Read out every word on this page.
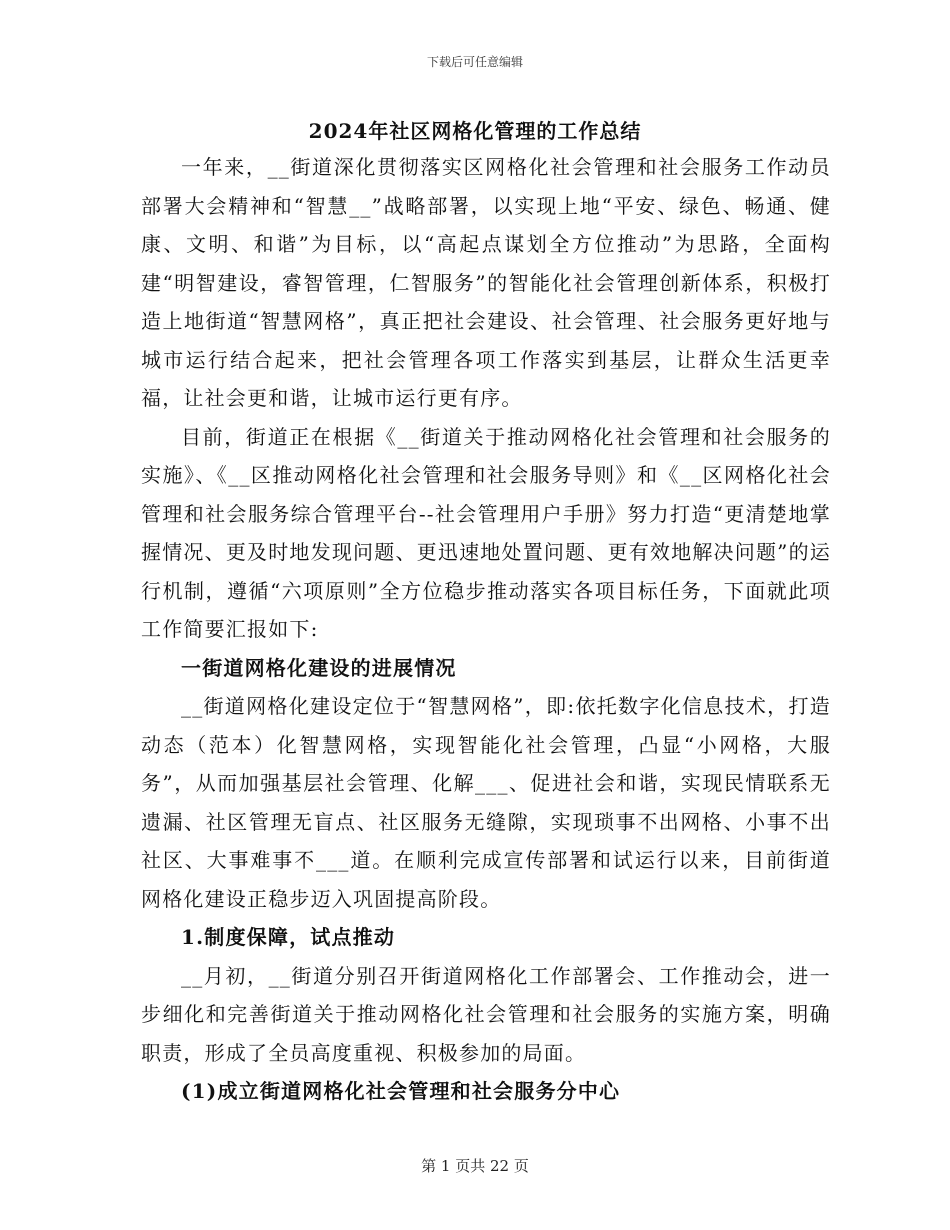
下载后可任意编辑
2024年社区网格化管理的工作总结

一年来，__街道深化贯彻落实区网格化社会管理和社会服务工作动员部署大会精神和“智慧__”战略部署，以实现上地“平安、绿色、畅通、健康、文明、和谐”为目标，以“高起点谋划全方位推动”为思路，全面构建“明智建设，睿智管理，仁智服务”的智能化社会管理创新体系，积极打造上地街道“智慧网格”，真正把社会建设、社会管理、社会服务更好地与城市运行结合起来，把社会管理各项工作落实到基层，让群众生活更幸福，让社会更和谐，让城市运行更有序。

目前，街道正在根据《__街道关于推动网格化社会管理和社会服务的实施》、《__区推动网格化社会管理和社会服务导则》和《__区网格化社会管理和社会服务综合管理平台--社会管理用户手册》努力打造“更清楚地掌握情况、更及时地发现问题、更迅速地处置问题、更有效地解决问题”的运行机制，遵循“六项原则”全方位稳步推动落实各项目标任务，下面就此项工作简要汇报如下:

一街道网格化建设的进展情况

__街道网格化建设定位于“智慧网格”，即:依托数字化信息技术，打造动态（范本）化智慧网格，实现智能化社会管理，凸显“小网格，大服务”，从而加强基层社会管理、化解___、促进社会和谐，实现民情联系无遗漏、社区管理无盲点、社区服务无缝隙，实现琐事不出网格、小事不出社区、大事难事不___道。在顺利完成宣传部署和试运行以来，目前街道网格化建设正稳步迈入巩固提高阶段。

1.制度保障，试点推动

__月初，__街道分别召开街道网格化工作部署会、工作推动会，进一步细化和完善街道关于推动网格化社会管理和社会服务的实施方案，明确职责，形成了全员高度重视、积极参加的局面。

(1)成立街道网格化社会管理和社会服务分中心

第 1 页共 22 页
